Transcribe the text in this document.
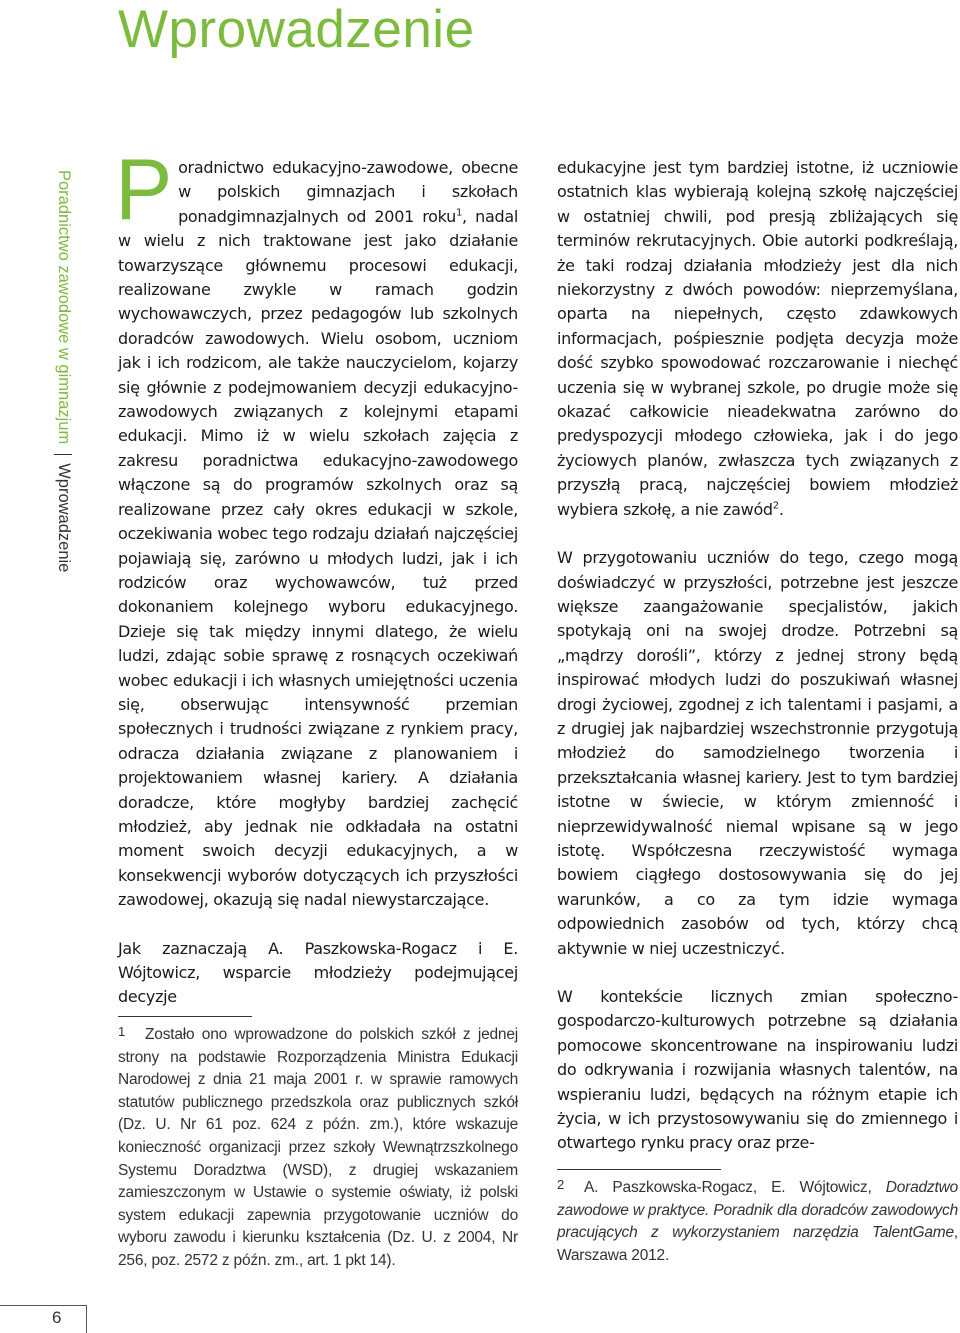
Wprowadzenie
Poradnictwo zawodowe w gimnazjumWprowadzenie

Poradnictwo edukacyjno-zawodowe, obecne w polskich gimnazjach i szkołach ponadgimnazjalnych od 2001 roku$^1$, nadal w wielu z nich traktowane jest jako działanie towarzyszące głównemu procesowi edukacji, realizowane zwykle w ramach godzin wychowawczych, przez pedagogów lub szkolnych doradców zawodowych. Wielu osobom, uczniom jak i ich rodzicom, ale także nauczycielom, kojarzy się głównie z podejmowaniem decyzji edukacyjno-zawodowych związanych z kolejnymi etapami edukacji. Mimo iż w wielu szkołach zajęcia z zakresu poradnictwa edukacyjno-zawodowego włączone są do programów szkolnych oraz są realizowane przez cały okres edukacji w szkole, oczekiwania wobec tego rodzaju działań najczęściej pojawiają się, zarówno u młodych ludzi, jak i ich rodziców oraz wychowawców, tuż przed dokonaniem kolejnego wyboru edukacyjnego. Dzieje się tak między innymi dlatego, że wielu ludzi, zdając sobie sprawę z rosnących oczekiwań wobec edukacji i ich własnych umiejętności uczenia się, obserwując intensywność przemian społecznych i trudności związane z rynkiem pracy, odracza działania związane z planowaniem i projektowaniem własnej kariery. A działania doradcze, które mogłyby bardziej zachęcić młodzież, aby jednak nie odkładała na ostatni moment swoich decyzji edukacyjnych, a w konsekwencji wyborów dotyczących ich przyszłości zawodowej, okazują się nadal niewystarczające.

Jak zaznaczają A. Paszkowska-Rogacz i E. Wójtowicz, wsparcie młodzieży podejmującej decyzje

1 Zostało ono wprowadzone do polskich szkół z jednej strony na podstawie Rozporządzenia Ministra Edukacji Narodowej z dnia 21 maja 2001 r. w sprawie ramowych statutów publicznego przedszkola oraz publicznych szkół (Dz. U. Nr 61 poz. 624 z późn. zm.), które wskazuje konieczność organizacji przez szkoły Wewnątrzszkolnego Systemu Doradztwa (WSD), z drugiej wskazaniem zamieszczonym w Ustawie o systemie oświaty, iż polski system edukacji zapewnia przygotowanie uczniów do wyboru zawodu i kierunku kształcenia (Dz. U. z 2004, Nr 256, poz. 2572 z późn. zm., art. 1 pkt 14).

edukacyjne jest tym bardziej istotne, iż uczniowie ostatnich klas wybierają kolejną szkołę najczęściej w ostatniej chwili, pod presją zbliżających się terminów rekrutacyjnych. Obie autorki podkreślają, że taki rodzaj działania młodzieży jest dla nich niekorzystny z dwóch powodów: nieprzemyślana, oparta na niepełnych, często zdawkowych informacjach, pośpiesznie podjęta decyzja może dość szybko spowodować rozczarowanie i niechęć uczenia się w wybranej szkole, po drugie może się okazać całkowicie nieadekwatna zarówno do predyspozycji młodego człowieka, jak i do jego życiowych planów, zwłaszcza tych związanych z przyszłą pracą, najczęściej bowiem młodzież wybiera szkołę, a nie zawód$^2$.

W przygotowaniu uczniów do tego, czego mogą doświadczyć w przyszłości, potrzebne jest jeszcze większe zaangażowanie specjalistów, jakich spotykają oni na swojej drodze. Potrzebni są „mądrzy dorośli”, którzy z jednej strony będą inspirować młodych ludzi do poszukiwań własnej drogi życiowej, zgodnej z ich talentami i pasjami, a z drugiej jak najbardziej wszechstronnie przygotują młodzież do samodzielnego tworzenia i przekształcania własnej kariery. Jest to tym bardziej istotne w świecie, w którym zmienność i nieprzewidywalność niemal wpisane są w jego istotę. Współczesna rzeczywistość wymaga bowiem ciągłego dostosowywania się do jej warunków, a co za tym idzie wymaga odpowiednich zasobów od tych, którzy chcą aktywnie w niej uczestniczyć.

W kontekście licznych zmian społeczno-gospodarczo-kulturowych potrzebne są działania pomocowe skoncentrowane na inspirowaniu ludzi do odkrywania i rozwijania własnych talentów, na wspieraniu ludzi, będących na różnym etapie ich życia, w ich przystosowywaniu się do zmiennego i otwartego rynku pracy oraz prze-

2 A. Paszkowska-Rogacz, E. Wójtowicz, Doradztwo zawodowe w praktyce. Poradnik dla doradców zawodowych pracujących z wykorzystaniem narzędzia TalentGame, Warszawa 2012.

6
